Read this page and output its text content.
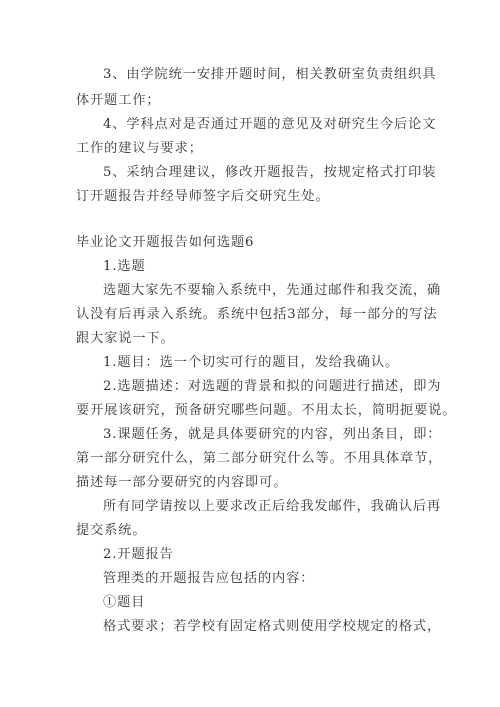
3、由学院统一安排开题时间，相关教研室负责组织具
体开题工作；
4、学科点对是否通过开题的意见及对研究生今后论文
工作的建议与要求；
5、采纳合理建议，修改开题报告，按规定格式打印装
订开题报告并经导师签字后交研究生处。
毕业论文开题报告如何选题6
1.选题
选题大家先不要输入系统中，先通过邮件和我交流，确
认没有后再录入系统。系统中包括3部分，每一部分的写法
跟大家说一下。
1.题目：选一个切实可行的题目，发给我确认。
2.选题描述：对选题的背景和拟的问题进行描述，即为
要开展该研究，预备研究哪些问题。不用太长，简明扼要说。
3.课题任务，就是具体要研究的内容，列出条目，即：
第一部分研究什么，第二部分研究什么等。不用具体章节，
描述每一部分要研究的内容即可。
所有同学请按以上要求改正后给我发邮件，我确认后再
提交系统。
2.开题报告
管理类的开题报告应包括的内容：
①题目
格式要求；若学校有固定格式则使用学校规定的格式，
